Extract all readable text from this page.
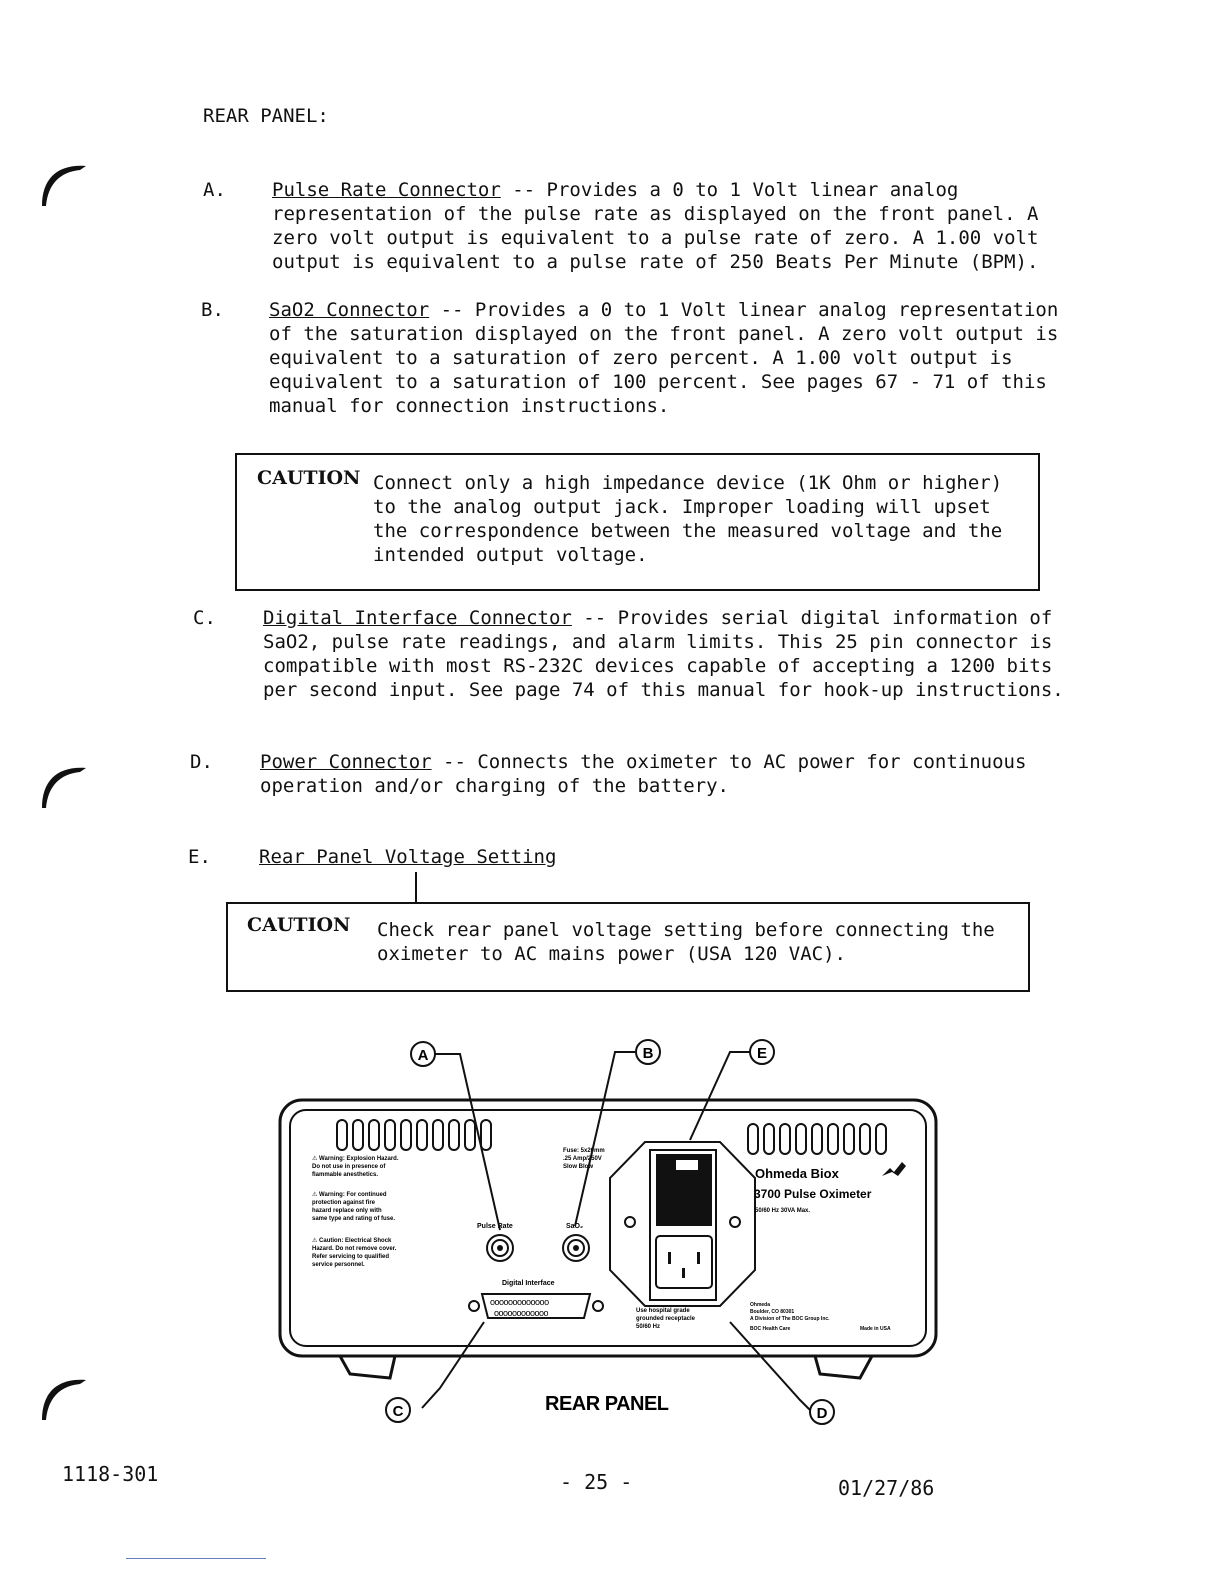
REAR PANEL:
A. Pulse Rate Connector -- Provides a 0 to 1 Volt linear analog representation of the pulse rate as displayed on the front panel. A zero volt output is equivalent to a pulse rate of zero. A 1.00 volt output is equivalent to a pulse rate of 250 Beats Per Minute (BPM).
B. SaO2 Connector -- Provides a 0 to 1 Volt linear analog representation of the saturation displayed on the front panel. A zero volt output is equivalent to a saturation of zero percent. A 1.00 volt output is equivalent to a saturation of 100 percent. See pages 67 - 71 of this manual for connection instructions.
CAUTION Connect only a high impedance device (1K Ohm or higher) to the analog output jack. Improper loading will upset the correspondence between the measured voltage and the intended output voltage.
C. Digital Interface Connector -- Provides serial digital information of SaO2, pulse rate readings, and alarm limits. This 25 pin connector is compatible with most RS-232C devices capable of accepting a 1200 bits per second input. See page 74 of this manual for hook-up instructions.
D. Power Connector -- Connects the oximeter to AC power for continuous operation and/or charging of the battery.
E.	Rear Panel Voltage Setting
CAUTION Check rear panel voltage setting before connecting the oximeter to AC mains power (USA 120 VAC).
⚠ Warning: Explosion Hazard. Do not use in presence of flammable anesthetics.
⚠ Warning: For continued protection against fire hazard replace only with same type and rating of fuse.
⚠ Caution: Electrical Shock Hazard. Do not remove cover. Refer servicing to qualified service personnel.
Pulse Rate	SaO₂
Fuse: 5x20mm .25 Amp/250V Slow Blow
Digital Interface
ooooooooooooo
oooooooooooo
Ohmeda Biox
3700 Pulse Oximeter
50/60 Hz 30VA Max.
Use hospital grade grounded receptacle 50/60 Hz
Ohmeda Boulder, CO 80301 A Division of The BOC Group Inc. BOC Health Care	Made in USA
A	B	E
C	D
REAR PANEL
1118-301	- 25 -	01/27/86
